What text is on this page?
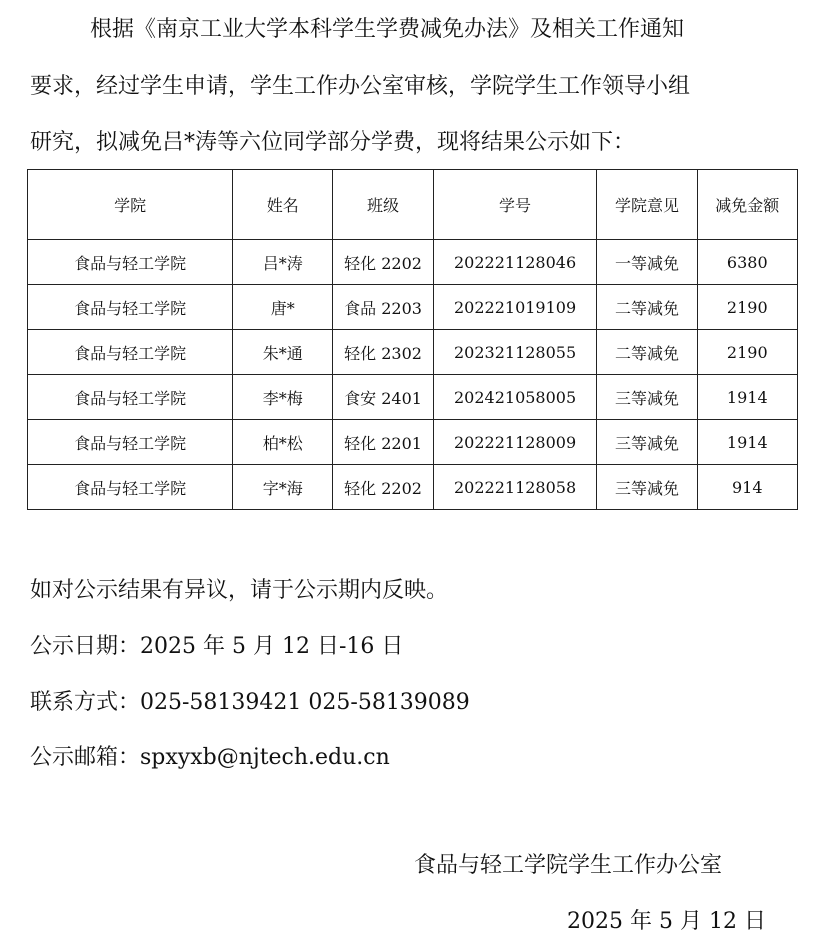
根据《南京工业大学本科学生学费减免办法》及相关工作通知
要求，经过学生申请，学生工作办公室审核，学院学生工作领导小组
研究，拟减免吕*涛等六位同学部分学费，现将结果公示如下：
学院	姓名	班级	学号	学院意见	减免金额
食品与轻工学院	吕*涛	轻化 2202	202221128046	一等减免	6380
食品与轻工学院	唐*	食品 2203	202221019109	二等减免	2190
食品与轻工学院	朱*通	轻化 2302	202321128055	二等减免	2190
食品与轻工学院	李*梅	食安 2401	202421058005	三等减免	1914
食品与轻工学院	柏*松	轻化 2201	202221128009	三等减免	1914
食品与轻工学院	字*海	轻化 2202	202221128058	三等减免	914
如对公示结果有异议，请于公示期内反映。
公示日期：2025 年 5 月 12 日-16 日
联系方式：025-58139421 025-58139089
公示邮箱：spxyxb@njtech.edu.cn
食品与轻工学院学生工作办公室
2025 年 5 月 12 日
